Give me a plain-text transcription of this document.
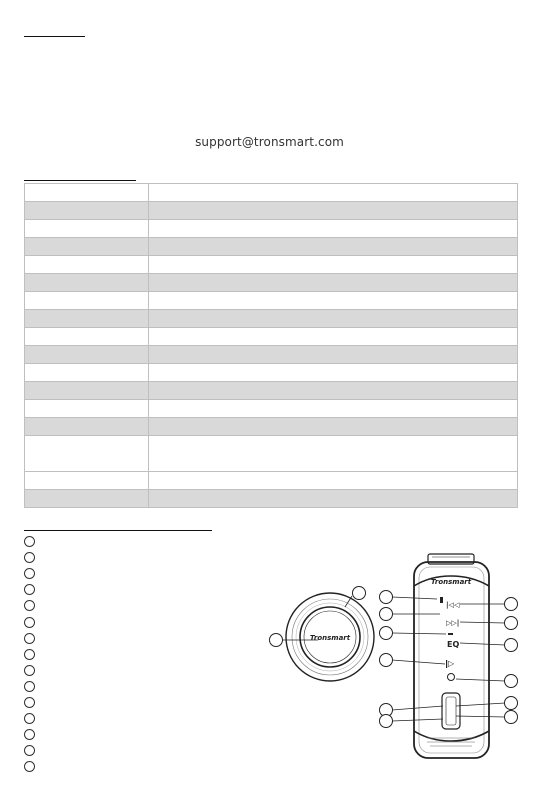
support@tronsmart.com

Tronsmart
Tronsmart
|◁◁
▷▷|
EQ
▷
